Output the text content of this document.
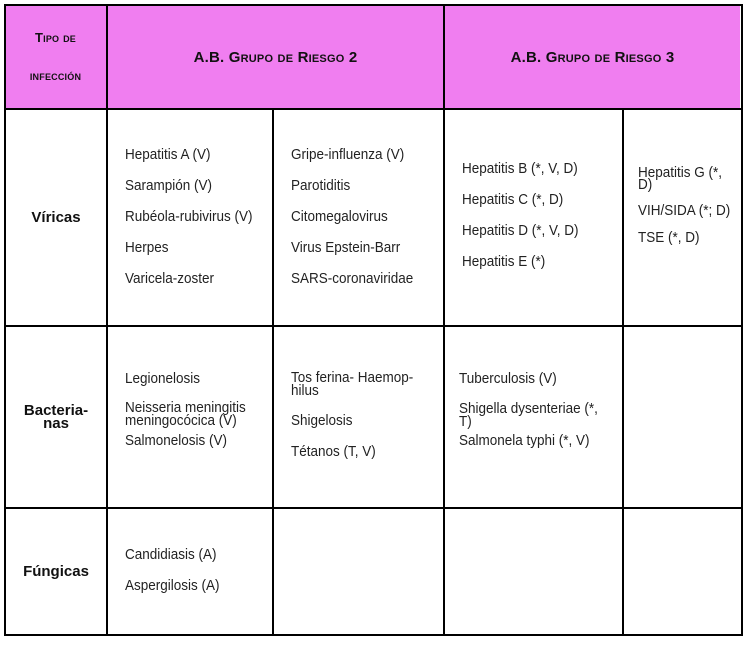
Tipo de
infección
A.B. Grupo de Riesgo 2	A.B. Grupo de Riesgo 3
Víricas
Hepatitis A (V)
Sarampión (V)
Rubéola-rubivirus (V)
Herpes
Varicela-zoster
Gripe-influenza (V)
Parotiditis
Citomegalovirus
Virus Epstein-Barr
SARS-coronaviridae
Hepatitis B (*, V, D)
Hepatitis C (*, D)
Hepatitis D (*, V, D)
Hepatitis E (*)
Hepatitis G (*,
D)
VIH/SIDA (*; D)
TSE (*, D)
Bacteria-
nas
Legionelosis
Neisseria meningitis
meningocócica (V)
Salmonelosis (V)
Tos ferina- Haemop-
hilus
Shigelosis
Tétanos (T, V)
Tuberculosis (V)
Shigella dysenteriae (*,
T)
Salmonela typhi (*, V)
Fúngicas
Candidiasis (A)
Aspergilosis (A)
